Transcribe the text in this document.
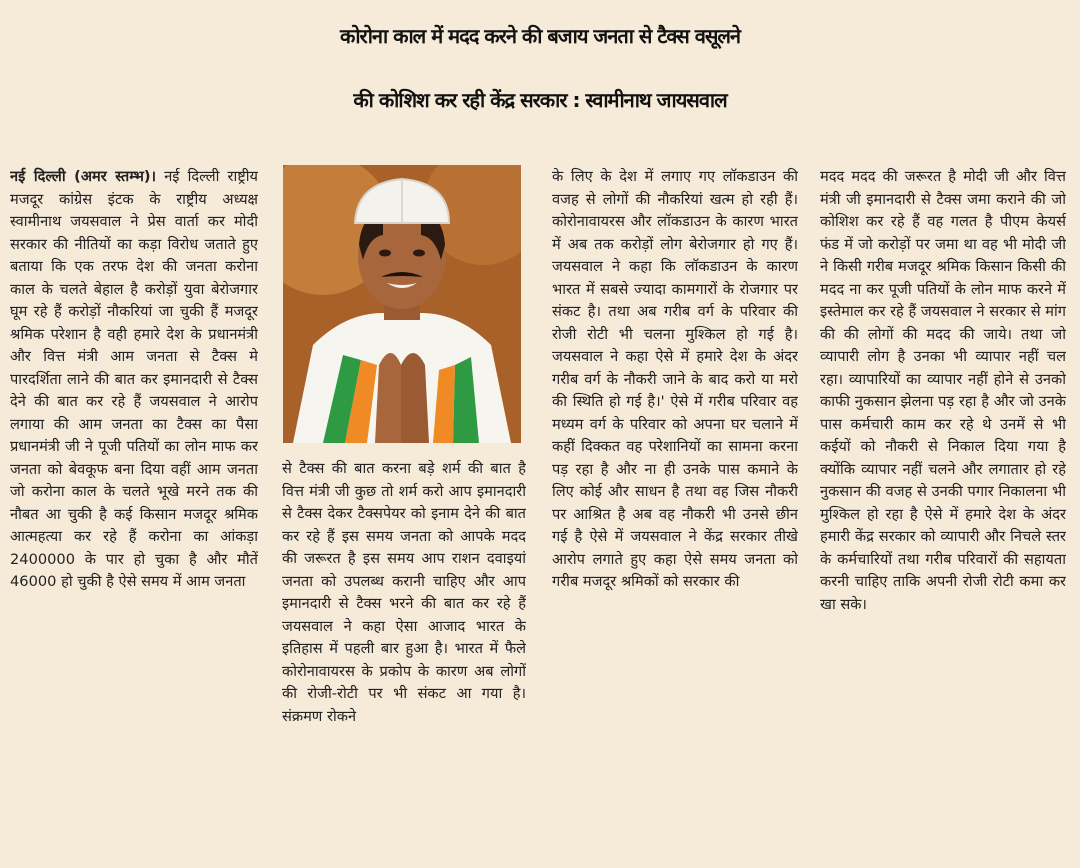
कोरोना काल में मदद करने की बजाय जनता से टैक्स वसूलने
की कोशिश कर रही केंद्र सरकार : स्वामीनाथ जायसवाल
नई दिल्ली (अमर स्तम्भ)। नई दिल्ली राष्ट्रीय मजदूर कांग्रेस इंटक के राष्ट्रीय अध्यक्ष स्वामीनाथ जयसवाल ने प्रेस वार्ता कर मोदी सरकार की नीतियों का कड़ा विरोध जताते हुए बताया कि एक तरफ देश की जनता करोना काल के चलते बेहाल है करोड़ों युवा बेरोजगार घूम रहे हैं करोड़ों नौकरियां जा चुकी हैं मजदूर श्रमिक परेशान है वही हमारे देश के प्रधानमंत्री और वित्त मंत्री आम जनता से टैक्स मे पारदर्शिता लाने की बात कर इमानदारी से टैक्स देने की बात कर रहे हैं जयसवाल ने आरोप लगाया की आम जनता का टैक्स का पैसा प्रधानमंत्री जी ने पूजी पतियों का लोन माफ कर जनता को बेवकूफ बना दिया वहीं आम जनता जो करोना काल के चलते भूखे मरने तक की नौबत आ चुकी है कई किसान मजदूर श्रमिक आत्महत्या कर रहे हैं करोना का आंकड़ा 2400000 के पार हो चुका है और मौतें 46000 हो चुकी है ऐसे समय में आम जनता
से टैक्स की बात करना बड़े शर्म की बात है वित्त मंत्री जी कुछ तो शर्म करो आप इमानदारी से टैक्स देकर टैक्सपेयर को इनाम देने की बात कर रहे हैं इस समय जनता को आपके मदद की जरूरत है इस समय आप राशन दवाइयां जनता को उपलब्ध करानी चाहिए और आप इमानदारी से टैक्स भरने की बात कर रहे हैं जयसवाल ने कहा ऐसा आजाद भारत के इतिहास में पहली बार हुआ है। भारत में फैले कोरोनावायरस के प्रकोप के कारण अब लोगों की रोजी-रोटी पर भी संकट आ गया है। संक्रमण रोकने
के लिए के देश में लगाए गए लॉकडाउन की वजह से लोगों की नौकरियां खत्म हो रही हैं। कोरोनावायरस और लॉकडाउन के कारण भारत में अब तक करोड़ों लोग बेरोजगार हो गए हैं। जयसवाल ने कहा कि लॉकडाउन के कारण भारत में सबसे ज्यादा कामगारों के रोजगार पर संकट है। तथा अब गरीब वर्ग के परिवार की रोजी रोटी भी चलना मुश्किल हो गई है। जयसवाल ने कहा ऐसे में हमारे देश के अंदर गरीब वर्ग के नौकरी जाने के बाद करो या मरो की स्थिति हो गई है।' ऐसे में गरीब परिवार वह मध्यम वर्ग के परिवार को अपना घर चलाने में कहीं दिक्कत वह परेशानियों का सामना करना पड़ रहा है और ना ही उनके पास कमाने के लिए कोई और साधन है तथा वह जिस नौकरी पर आश्रित है अब वह नौकरी भी उनसे छीन गई है ऐसे में जयसवाल ने केंद्र सरकार तीखे आरोप लगाते हुए कहा ऐसे समय जनता को गरीब मजदूर श्रमिकों को सरकार की
मदद मदद की जरूरत है मोदी जी और वित्त मंत्री जी इमानदारी से टैक्स जमा कराने की जो कोशिश कर रहे हैं वह गलत है पीएम केयर्स फंड में जो करोड़ों पर जमा था वह भी मोदी जी ने किसी गरीब मजदूर श्रमिक किसान किसी की मदद ना कर पूजी पतियों के लोन माफ करने में इस्तेमाल कर रहे हैं जयसवाल ने सरकार से मांग की की लोगों की मदद की जाये। तथा जो व्यापारी लोग है उनका भी व्यापार नहीं चल रहा। व्यापारियों का व्यापार नहीं होने से उनको काफी नुकसान झेलना पड़ रहा है और जो उनके पास कर्मचारी काम कर रहे थे उनमें से भी कईयों को नौकरी से निकाल दिया गया है क्योंकि व्यापार नहीं चलने और लगातार हो रहे नुकसान की वजह से उनकी पगार निकालना भी मुश्किल हो रहा है ऐसे में हमारे देश के अंदर हमारी केंद्र सरकार को व्यापारी और निचले स्तर के कर्मचारियों तथा गरीब परिवारों की सहायता करनी चाहिए ताकि अपनी रोजी रोटी कमा कर खा सके।
